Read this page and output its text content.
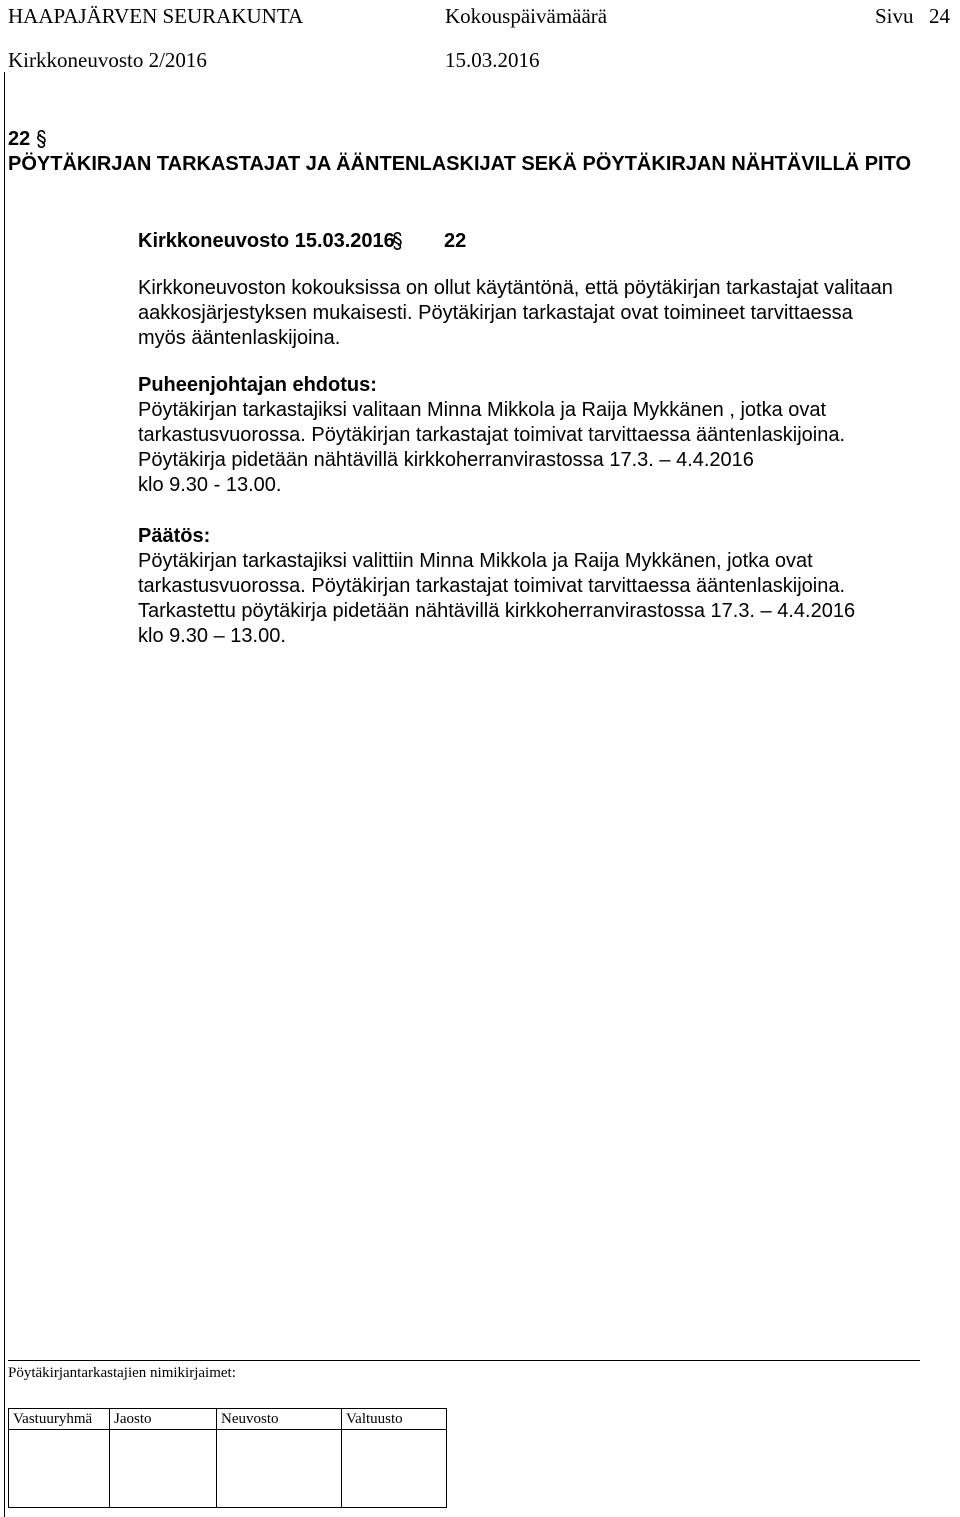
HAAPAJÄRVEN SEURAKUNTA	Kokouspäivämäärä	Sivu 24
Kirkkoneuvosto 2/2016	15.03.2016
22
PÖYTÄKIRJAN TARKASTAJAT JA ÄÄNTENLASKIJAT SEKÄ PÖYTÄKIRJAN NÄHTÄVILLÄ PITO
Kirkkoneuvosto 15.03.2016 22
Kirkkoneuvoston kokouksissa on ollut käytäntönä, että pöytäkirjan tarkastajat valitaan
aakkosjärjestyksen mukaisesti. Pöytäkirjan tarkastajat ovat toimineet tarvittaessa
myös ääntenlaskijoina.
Puheenjohtajan ehdotus:
Pöytäkirjan tarkastajiksi valitaan Minna Mikkola ja Raija Mykkänen , jotka ovat
tarkastusvuorossa. Pöytäkirjan tarkastajat toimivat tarvittaessa ääntenlaskijoina.
Pöytäkirja pidetään nähtävillä kirkkoherranvirastossa 17.3. – 4.4.2016
klo 9.30 - 13.00.
Päätös:
Pöytäkirjan tarkastajiksi valittiin Minna Mikkola ja Raija Mykkänen, jotka ovat
tarkastusvuorossa. Pöytäkirjan tarkastajat toimivat tarvittaessa ääntenlaskijoina.
Tarkastettu pöytäkirja pidetään nähtävillä kirkkoherranvirastossa 17.3. – 4.4.2016
klo 9.30 – 13.00.
Pöytäkirjantarkastajien nimikirjaimet:
Vastuuryhmä	Jaosto	Neuvosto	Valtuusto
